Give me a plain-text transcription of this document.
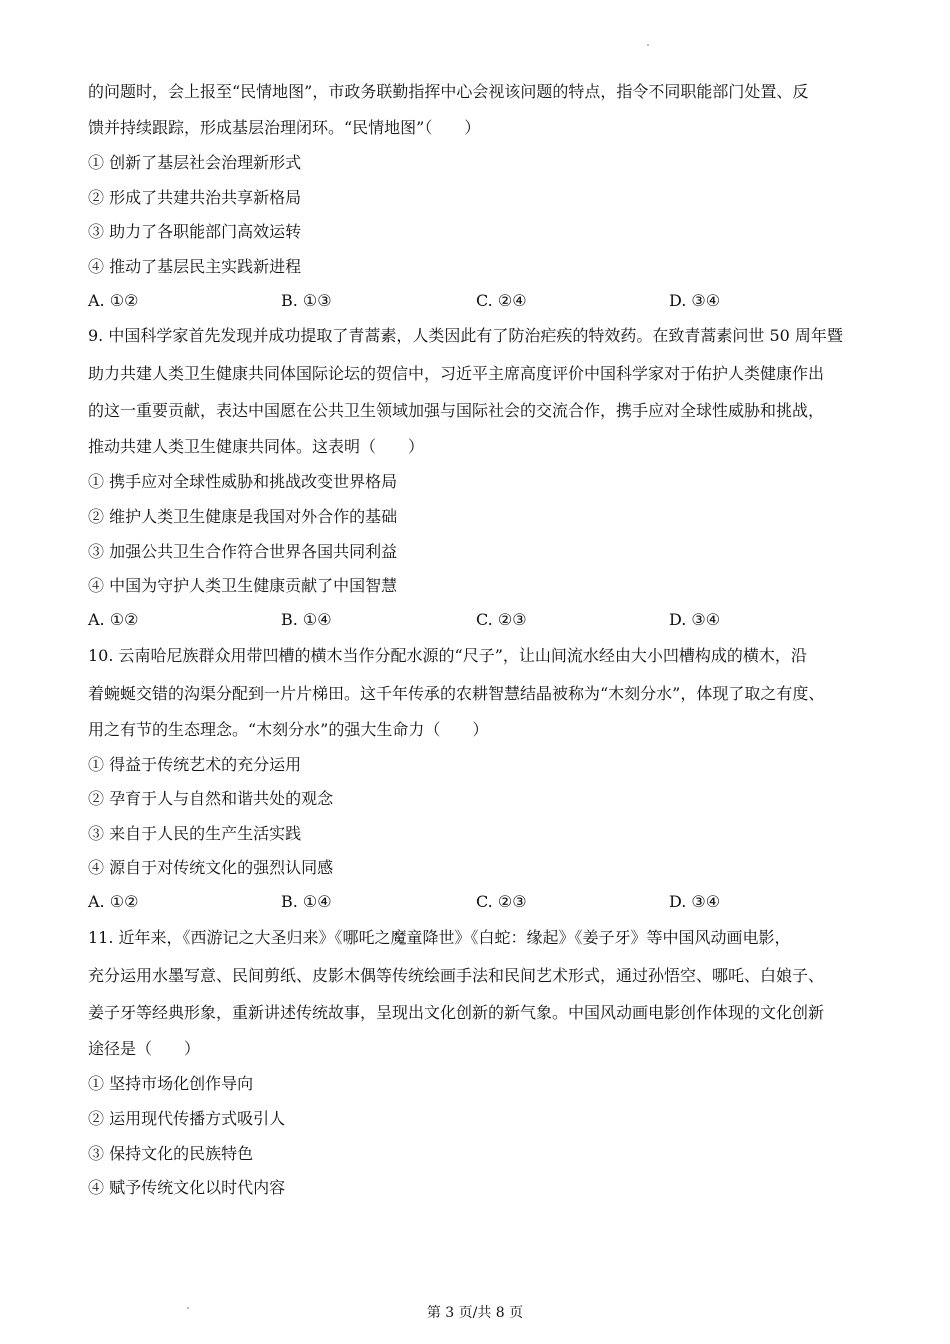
的问题时，会上报至“民情地图”，市政务联勤指挥中心会视该问题的特点，指令不同职能部门处置、反
馈并持续跟踪，形成基层治理闭环。“民情地图”（　　）
① 创新了基层社会治理新形式
② 形成了共建共治共享新格局
③ 助力了各职能部门高效运转
④ 推动了基层民主实践新进程
A. ①②	B. ①③	C. ②④	D. ③④
9. 中国科学家首先发现并成功提取了青蒿素，人类因此有了防治疟疾的特效药。在致青蒿素问世 50 周年暨
助力共建人类卫生健康共同体国际论坛的贺信中，习近平主席高度评价中国科学家对于佑护人类健康作出
的这一重要贡献，表达中国愿在公共卫生领域加强与国际社会的交流合作，携手应对全球性威胁和挑战，
推动共建人类卫生健康共同体。这表明（　　）
① 携手应对全球性威胁和挑战改变世界格局
② 维护人类卫生健康是我国对外合作的基础
③ 加强公共卫生合作符合世界各国共同利益
④ 中国为守护人类卫生健康贡献了中国智慧
A. ①②	B. ①④	C. ②③	D. ③④
10. 云南哈尼族群众用带凹槽的横木当作分配水源的“尺子”，让山间流水经由大小凹槽构成的横木，沿
着蜿蜒交错的沟渠分配到一片片梯田。这千年传承的农耕智慧结晶被称为“木刻分水”，体现了取之有度、
用之有节的生态理念。“木刻分水”的强大生命力（　　）
① 得益于传统艺术的充分运用
② 孕育于人与自然和谐共处的观念
③ 来自于人民的生产生活实践
④ 源自于对传统文化的强烈认同感
A. ①②	B. ①④	C. ②③	D. ③④
11. 近年来，《西游记之大圣归来》《哪吒之魔童降世》《白蛇：缘起》《姜子牙》等中国风动画电影，
充分运用水墨写意、民间剪纸、皮影木偶等传统绘画手法和民间艺术形式，通过孙悟空、哪吒、白娘子、
姜子牙等经典形象，重新讲述传统故事，呈现出文化创新的新气象。中国风动画电影创作体现的文化创新
途径是（　　）
① 坚持市场化创作导向
② 运用现代传播方式吸引人
③ 保持文化的民族特色
④ 赋予传统文化以时代内容
第 3 页/共 8 页
